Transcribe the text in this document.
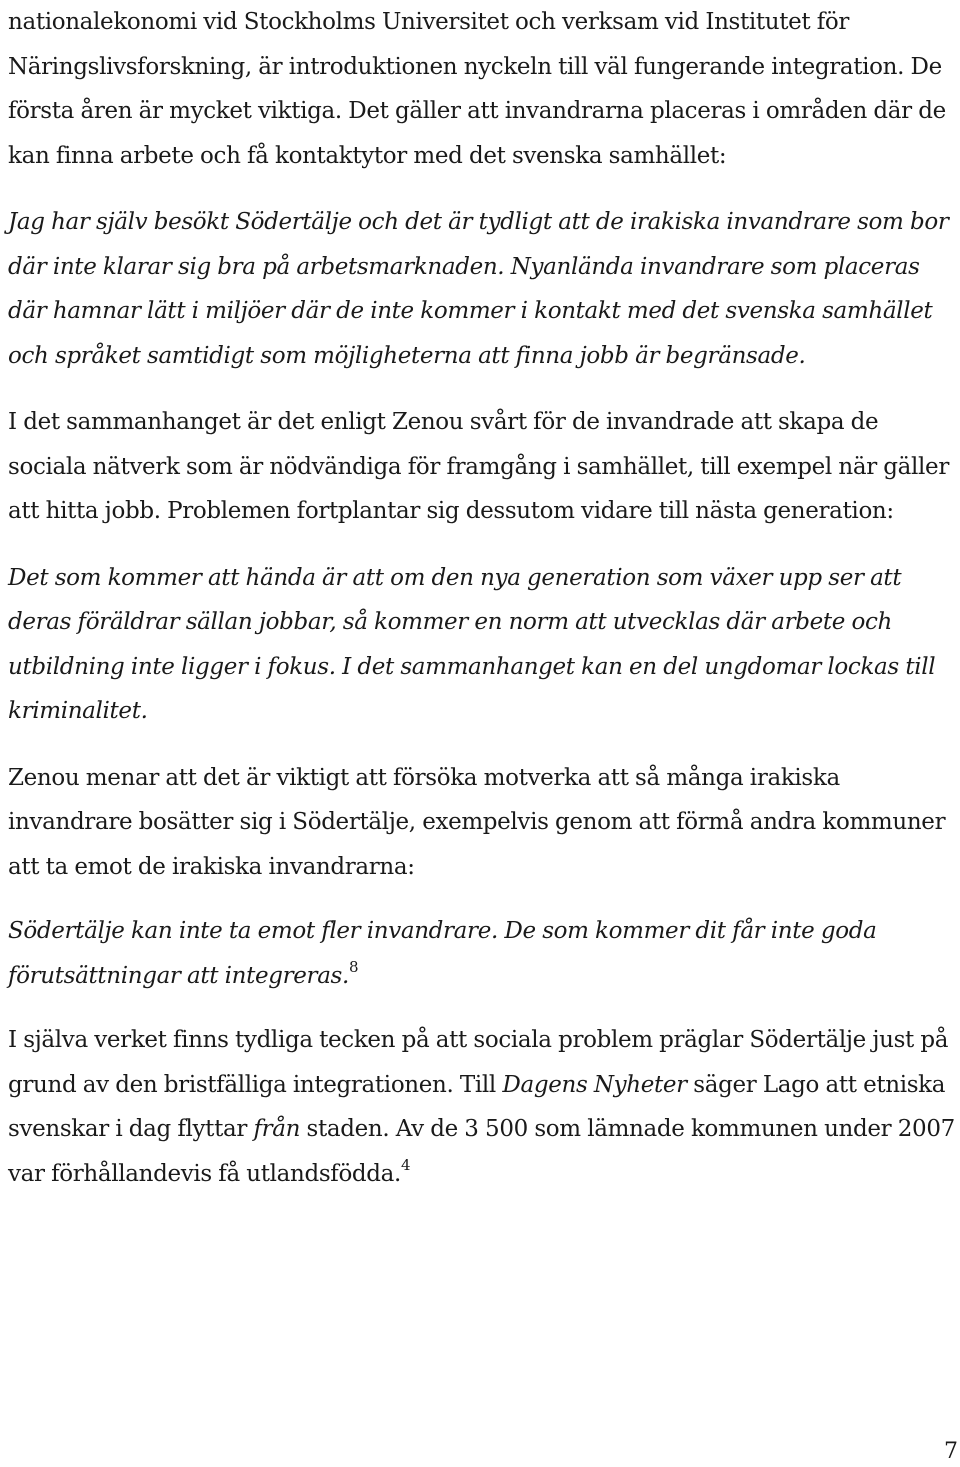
nationalekonomi vid Stockholms Universitet och verksam vid Institutet för Näringslivsforskning, är introduktionen nyckeln till väl fungerande integration. De första åren är mycket viktiga. Det gäller att invandrarna placeras i områden där de kan finna arbete och få kontaktytor med det svenska samhället:

Jag har själv besökt Södertälje och det är tydligt att de irakiska invandrare som bor där inte klarar sig bra på arbetsmarknaden. Nyanlända invandrare som placeras där hamnar lätt i miljöer där de inte kommer i kontakt med det svenska samhället och språket samtidigt som möjligheterna att finna jobb är begränsade.

I det sammanhanget är det enligt Zenou svårt för de invandrade att skapa de sociala nätverk som är nödvändiga för framgång i samhället, till exempel när gäller att hitta jobb. Problemen fortplantar sig dessutom vidare till nästa generation:

Det som kommer att hända är att om den nya generation som växer upp ser att deras föräldrar sällan jobbar, så kommer en norm att utvecklas där arbete och utbildning inte ligger i fokus. I det sammanhanget kan en del ungdomar lockas till kriminalitet.

Zenou menar att det är viktigt att försöka motverka att så många irakiska invandrare bosätter sig i Södertälje, exempelvis genom att förmå andra kommuner att ta emot de irakiska invandrarna:

Södertälje kan inte ta emot fler invandrare. De som kommer dit får inte goda förutsättningar att integreras.$^8$

I själva verket finns tydliga tecken på att sociala problem präglar Södertälje just på grund av den bristfälliga integrationen. Till Dagens Nyheter säger Lago att etniska svenskar i dag flyttar från staden. Av de 3 500 som lämnade kommunen under 2007 var förhållandevis få utlandsfödda.$^4$

7
